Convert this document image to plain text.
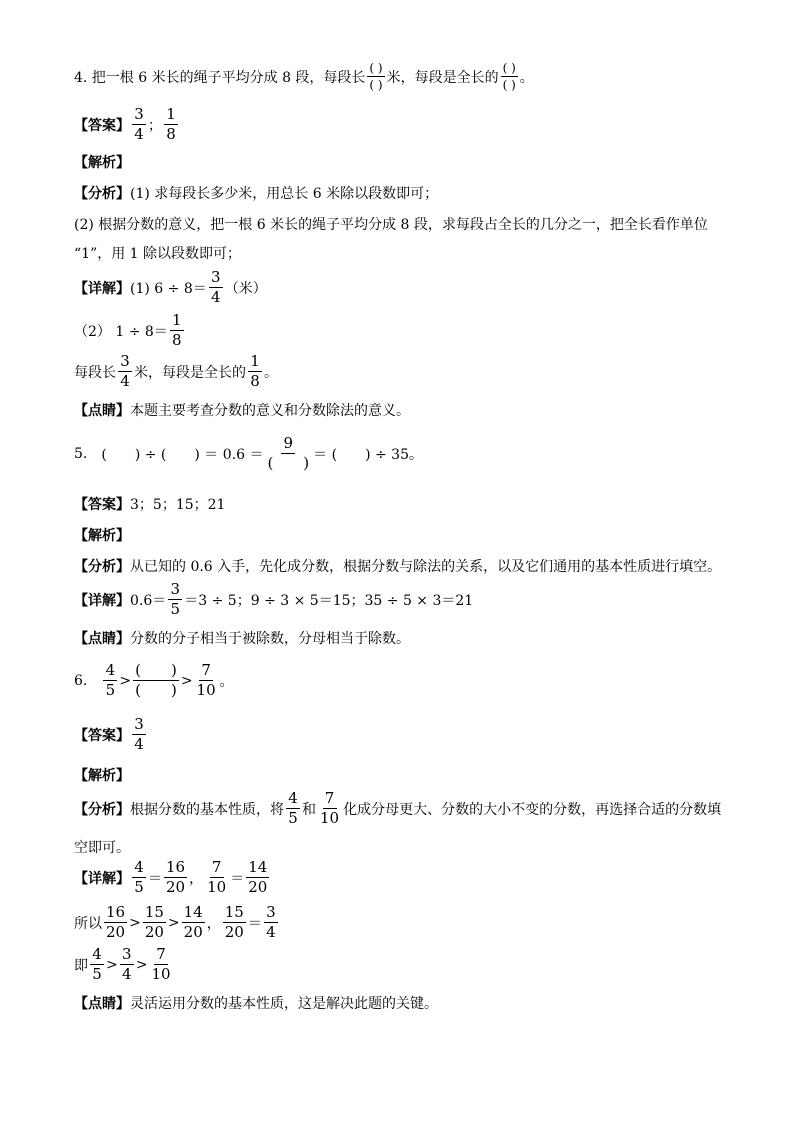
4. 把一根 6 米长的绳子平均分成 8 段，每段长 $\frac{( )}{( )}$ 米，每段是全长的 $\frac{( )}{( )}$ 。
【答案】 $\frac{3}{4}$ ； $\frac{1}{8}$
【解析】
【分析】 (1) 求每段长多少米，用总长 6 米除以段数即可；
(2) 根据分数的意义，把一根 6 米长的绳子平均分成 8 段，求每段占全长的几分之一，把全长看作单位
“1”，用 1 除以段数即可；
【详解】 (1) $6 \div 8= \frac{3}{4}$ （米）
（2） $1 \div 8= \frac{1}{8}$
每段长 $\frac{3}{4}$ 米，每段是全长的 $\frac{1}{8}$ 。
【点睛】 本题主要考查分数的意义和分数除法的意义。
5. (　　) ÷ (　　) ＝ $0.6 = \frac{9}{( )}$ ＝ (　　) ÷ 35 。
【答案】 3；5；15；21
【解析】
【分析】 从已知的 0.6 入手，先化成分数，根据分数与除法的关系，以及它们通用的基本性质进行填空。
【详解】 $0.6= \frac{3}{5} =3 \div 5$；9 ÷ 3 × 5＝15；35 ÷ 5 × 3＝21
【点睛】 分数的分子相当于被除数，分母相当于除数。
6. $\frac{4}{5} > \frac{( )}{( )} > \frac{7}{10}$ 。
【答案】 $\frac{3}{4}$
【解析】
【分析】 根据分数的基本性质，将 $\frac{4}{5}$ 和 $\frac{7}{10}$ 化成分母更大、分数的大小不变的分数，再选择合适的分数填
空即可。
【详解】 $\frac{4}{5} = \frac{16}{20}$ ， $\frac{7}{10} = \frac{14}{20}$
所以 $\frac{16}{20} > \frac{15}{20} > \frac{14}{20}$ ， $\frac{15}{20} = \frac{3}{4}$
即 $\frac{4}{5} > \frac{3}{4} > \frac{7}{10}$
【点睛】 灵活运用分数的基本性质，这是解决此题的关键。
